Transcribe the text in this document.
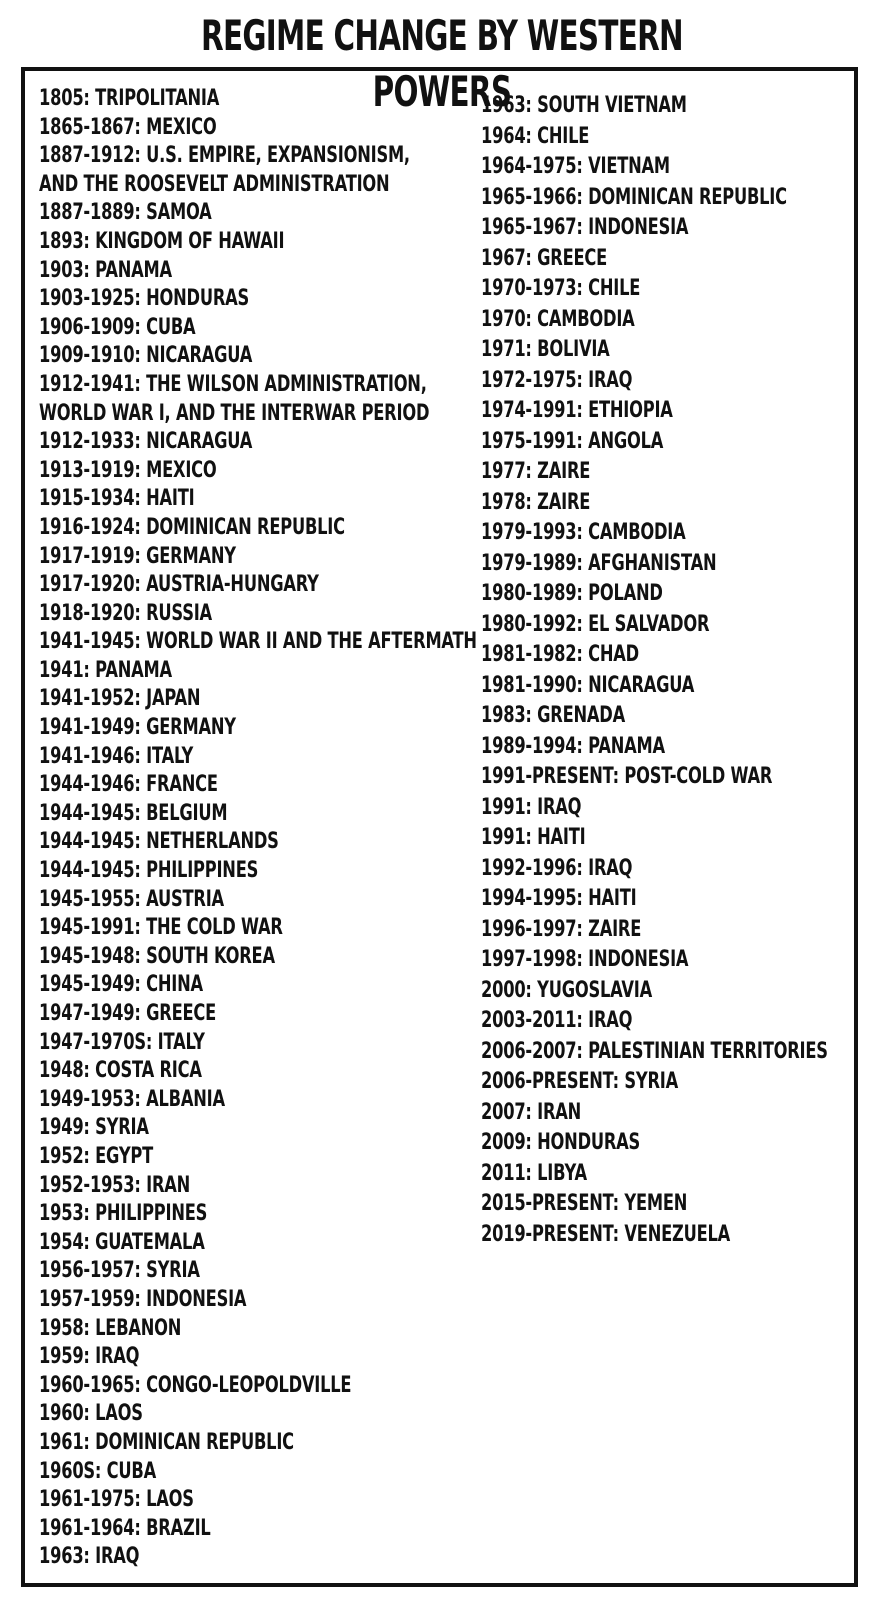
REGIME CHANGE BY WESTERN POWERS
1805: TRIPOLITANIA
1865-1867: MEXICO
1887-1912: U.S. EMPIRE, EXPANSIONISM,
AND THE ROOSEVELT ADMINISTRATION
1887-1889: SAMOA
1893: KINGDOM OF HAWAII
1903: PANAMA
1903-1925: HONDURAS
1906-1909: CUBA
1909-1910: NICARAGUA
1912-1941: THE WILSON ADMINISTRATION,
WORLD WAR I, AND THE INTERWAR PERIOD
1912-1933: NICARAGUA
1913-1919: MEXICO
1915-1934: HAITI
1916-1924: DOMINICAN REPUBLIC
1917-1919: GERMANY
1917-1920: AUSTRIA-HUNGARY
1918-1920: RUSSIA
1941-1945: WORLD WAR II AND THE AFTERMATH
1941: PANAMA
1941-1952: JAPAN
1941-1949: GERMANY
1941-1946: ITALY
1944-1946: FRANCE
1944-1945: BELGIUM
1944-1945: NETHERLANDS
1944-1945: PHILIPPINES
1945-1955: AUSTRIA
1945-1991: THE COLD WAR
1945-1948: SOUTH KOREA
1945-1949: CHINA
1947-1949: GREECE
1947-1970S: ITALY
1948: COSTA RICA
1949-1953: ALBANIA
1949: SYRIA
1952: EGYPT
1952-1953: IRAN
1953: PHILIPPINES
1954: GUATEMALA
1956-1957: SYRIA
1957-1959: INDONESIA
1958: LEBANON
1959: IRAQ
1960-1965: CONGO-LEOPOLDVILLE
1960: LAOS
1961: DOMINICAN REPUBLIC
1960S: CUBA
1961-1975: LAOS
1961-1964: BRAZIL
1963: IRAQ
1963: SOUTH VIETNAM
1964: CHILE
1964-1975: VIETNAM
1965-1966: DOMINICAN REPUBLIC
1965-1967: INDONESIA
1967: GREECE
1970-1973: CHILE
1970: CAMBODIA
1971: BOLIVIA
1972-1975: IRAQ
1974-1991: ETHIOPIA
1975-1991: ANGOLA
1977: ZAIRE
1978: ZAIRE
1979-1993: CAMBODIA
1979-1989: AFGHANISTAN
1980-1989: POLAND
1980-1992: EL SALVADOR
1981-1982: CHAD
1981-1990: NICARAGUA
1983: GRENADA
1989-1994: PANAMA
1991-PRESENT: POST-COLD WAR
1991: IRAQ
1991: HAITI
1992-1996: IRAQ
1994-1995: HAITI
1996-1997: ZAIRE
1997-1998: INDONESIA
2000: YUGOSLAVIA
2003-2011: IRAQ
2006-2007: PALESTINIAN TERRITORIES
2006-PRESENT: SYRIA
2007: IRAN
2009: HONDURAS
2011: LIBYA
2015-PRESENT: YEMEN
2019-PRESENT: VENEZUELA
